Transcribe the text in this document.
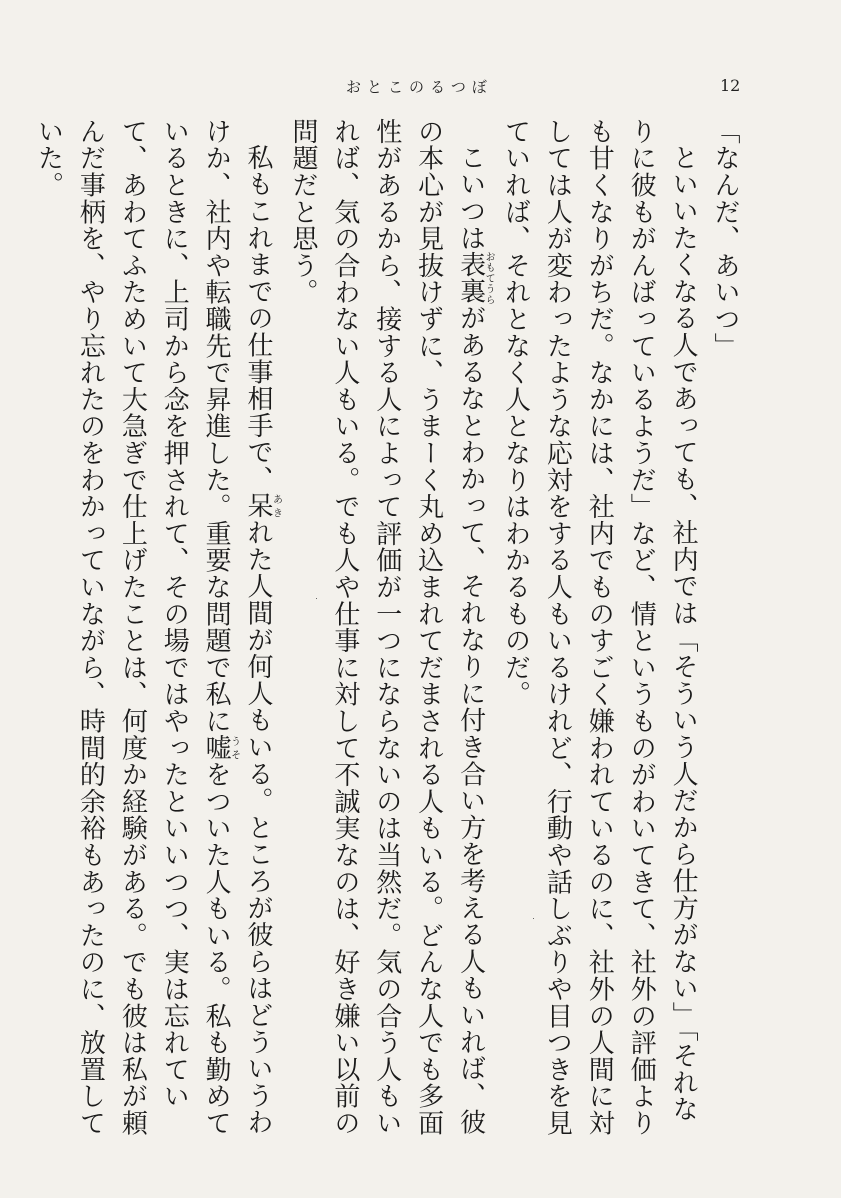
おとこのるつぼ	12

「なんだ、あいつ」

といいたくなる人であっても、社内では「そういう人だから仕方がない」「それなりに彼もがんばっているようだ」など、情というものがわいてきて、社外の評価よりも甘くなりがちだ。なかには、社内でものすごく嫌われているのに、社外の人間に対しては人が変わったような応対をする人もいるけれど、行動や話しぶりや目つきを見ていれば、それとなく人となりはわかるものだ。

こいつは表裏おもてうらがあるなとわかって、それなりに付き合い方を考える人もいれば、彼の本心が見抜けずに、うまーく丸め込まれてだまされる人もいる。どんな人でも多面性があるから、接する人によって評価が一つにならないのは当然だ。気の合う人もいれば、気の合わない人もいる。でも人や仕事に対して不誠実なのは、好き嫌い以前の問題だと思う。

私もこれまでの仕事相手で、呆あきれた人間が何人もいる。ところが彼らはどういうわけか、社内や転職先で昇進した。重要な問題で私に嘘うそをついた人もいる。私も勤めているときに、上司から念を押されて、その場ではやったといいつつ、実は忘れていて、あわてふためいて大急ぎで仕上げたことは、何度か経験がある。でも彼は私が頼んだ事柄を、やり忘れたのをわかっていながら、時間的余裕もあったのに、放置していた。
